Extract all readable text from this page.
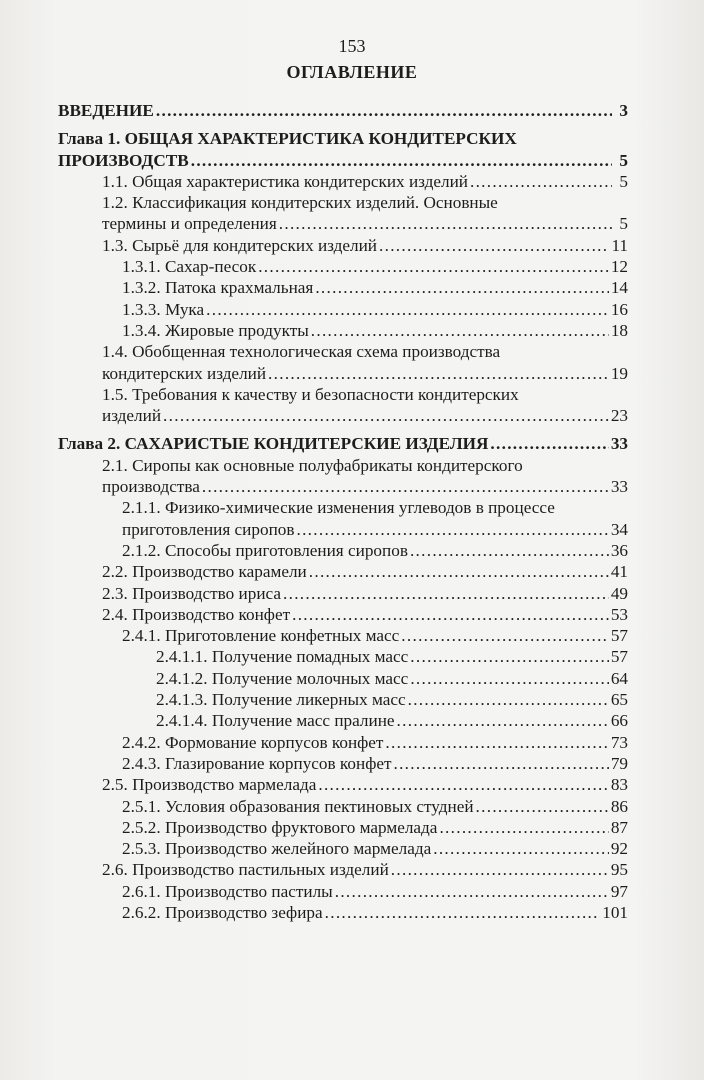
153
ОГЛАВЛЕНИЕ
ВВЕДЕНИЕ . . .	3
Глава 1. ОБЩАЯ ХАРАКТЕРИСТИКА КОНДИТЕРСКИХ
ПРОИЗВОДСТВ . . .	5
1.1. Общая характеристика кондитерских изделий . . .	5
1.2. Классификация кондитерских изделий. Основные
термины и определения . . .	5
1.3. Сырьё для кондитерских изделий . . .	11
1.3.1. Сахар-песок . . .	12
1.3.2. Патока крахмальная . . .	14
1.3.3. Мука . . .	16
1.3.4. Жировые продукты . . .	18
1.4. Обобщенная технологическая схема производства
кондитерских изделий . . .	19
1.5. Требования к качеству и безопасности кондитерских
изделий . . .	23
Глава 2. САХАРИСТЫЕ КОНДИТЕРСКИЕ ИЗДЕЛИЯ . . .	33
2.1. Сиропы как основные полуфабрикаты кондитерского
производства . . .	33
2.1.1. Физико-химические изменения углеводов в процессе
приготовления сиропов . . .	34
2.1.2. Способы приготовления сиропов . . .	36
2.2. Производство карамели . . .	41
2.3. Производство ириса . . .	49
2.4. Производство конфет . . .	53
2.4.1. Приготовление конфетных масс . . .	57
2.4.1.1. Получение помадных масс . . .	57
2.4.1.2. Получение молочных масс . . .	64
2.4.1.3. Получение ликерных масс . . .	65
2.4.1.4. Получение масс пралине . . .	66
2.4.2. Формование корпусов конфет . . .	73
2.4.3. Глазирование корпусов конфет . . .	79
2.5. Производство мармелада . . .	83
2.5.1. Условия образования пектиновых студней . . .	86
2.5.2. Производство фруктового мармелада . . .	87
2.5.3. Производство желейного мармелада . . .	92
2.6. Производство пастильных изделий . . .	95
2.6.1. Производство пастилы . . .	97
2.6.2. Производство зефира . . .	101
